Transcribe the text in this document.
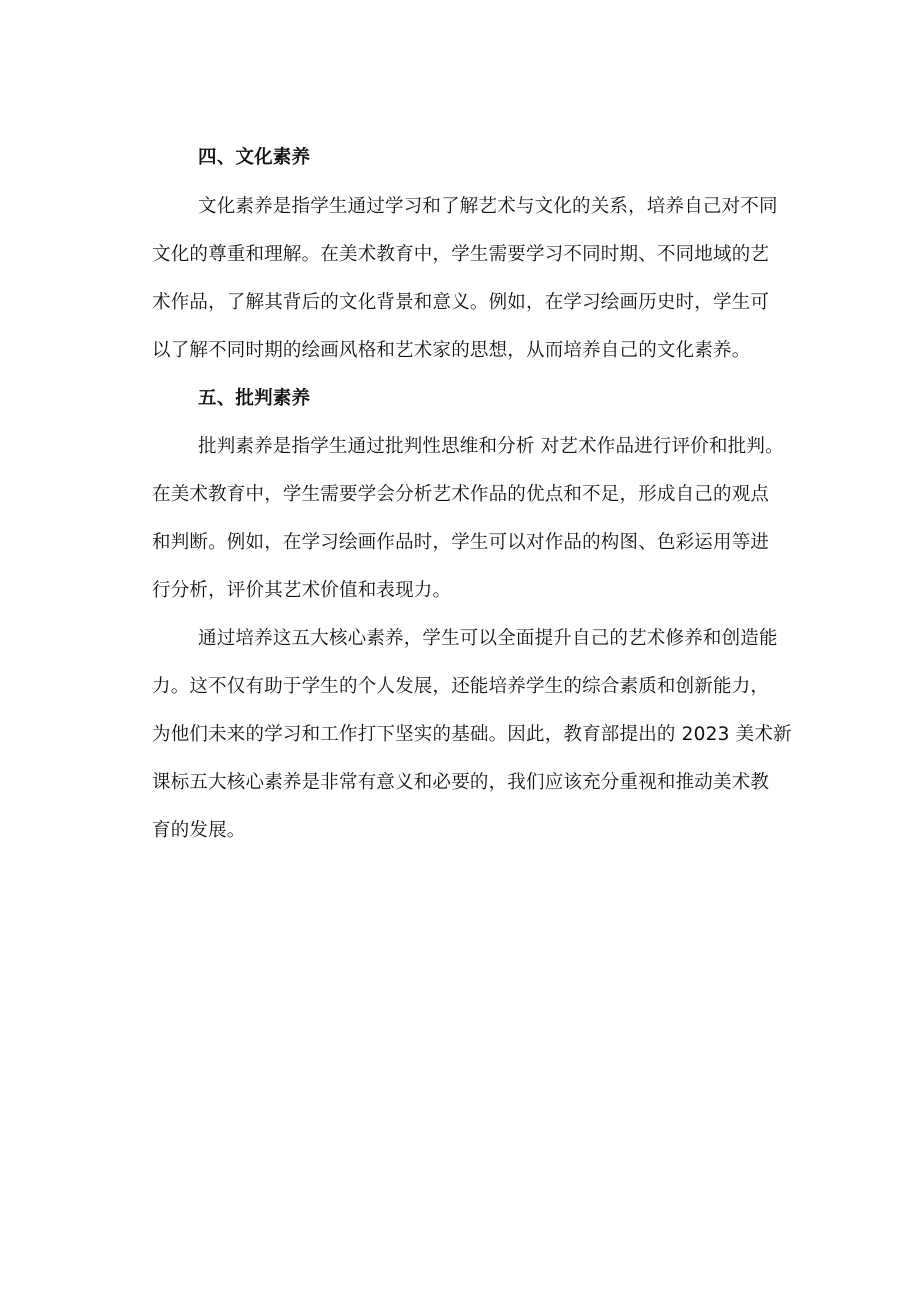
四、文化素养
文化素养是指学生通过学习和了解艺术与文化的关系，培养自己对不同
文化的尊重和理解。在美术教育中，学生需要学习不同时期、不同地域的艺
术作品，了解其背后的文化背景和意义。例如，在学习绘画历史时，学生可
以了解不同时期的绘画风格和艺术家的思想，从而培养自己的文化素养。
五、批判素养
批判素养是指学生通过批判性思维和分析 对艺术作品进行评价和批判。
在美术教育中，学生需要学会分析艺术作品的优点和不足，形成自己的观点
和判断。例如，在学习绘画作品时，学生可以对作品的构图、色彩运用等进
行分析，评价其艺术价值和表现力。
通过培养这五大核心素养，学生可以全面提升自己的艺术修养和创造能
力。这不仅有助于学生的个人发展，还能培养学生的综合素质和创新能力，
为他们未来的学习和工作打下坚实的基础。因此，教育部提出的 2023 美术新
课标五大核心素养是非常有意义和必要的，我们应该充分重视和推动美术教
育的发展。
